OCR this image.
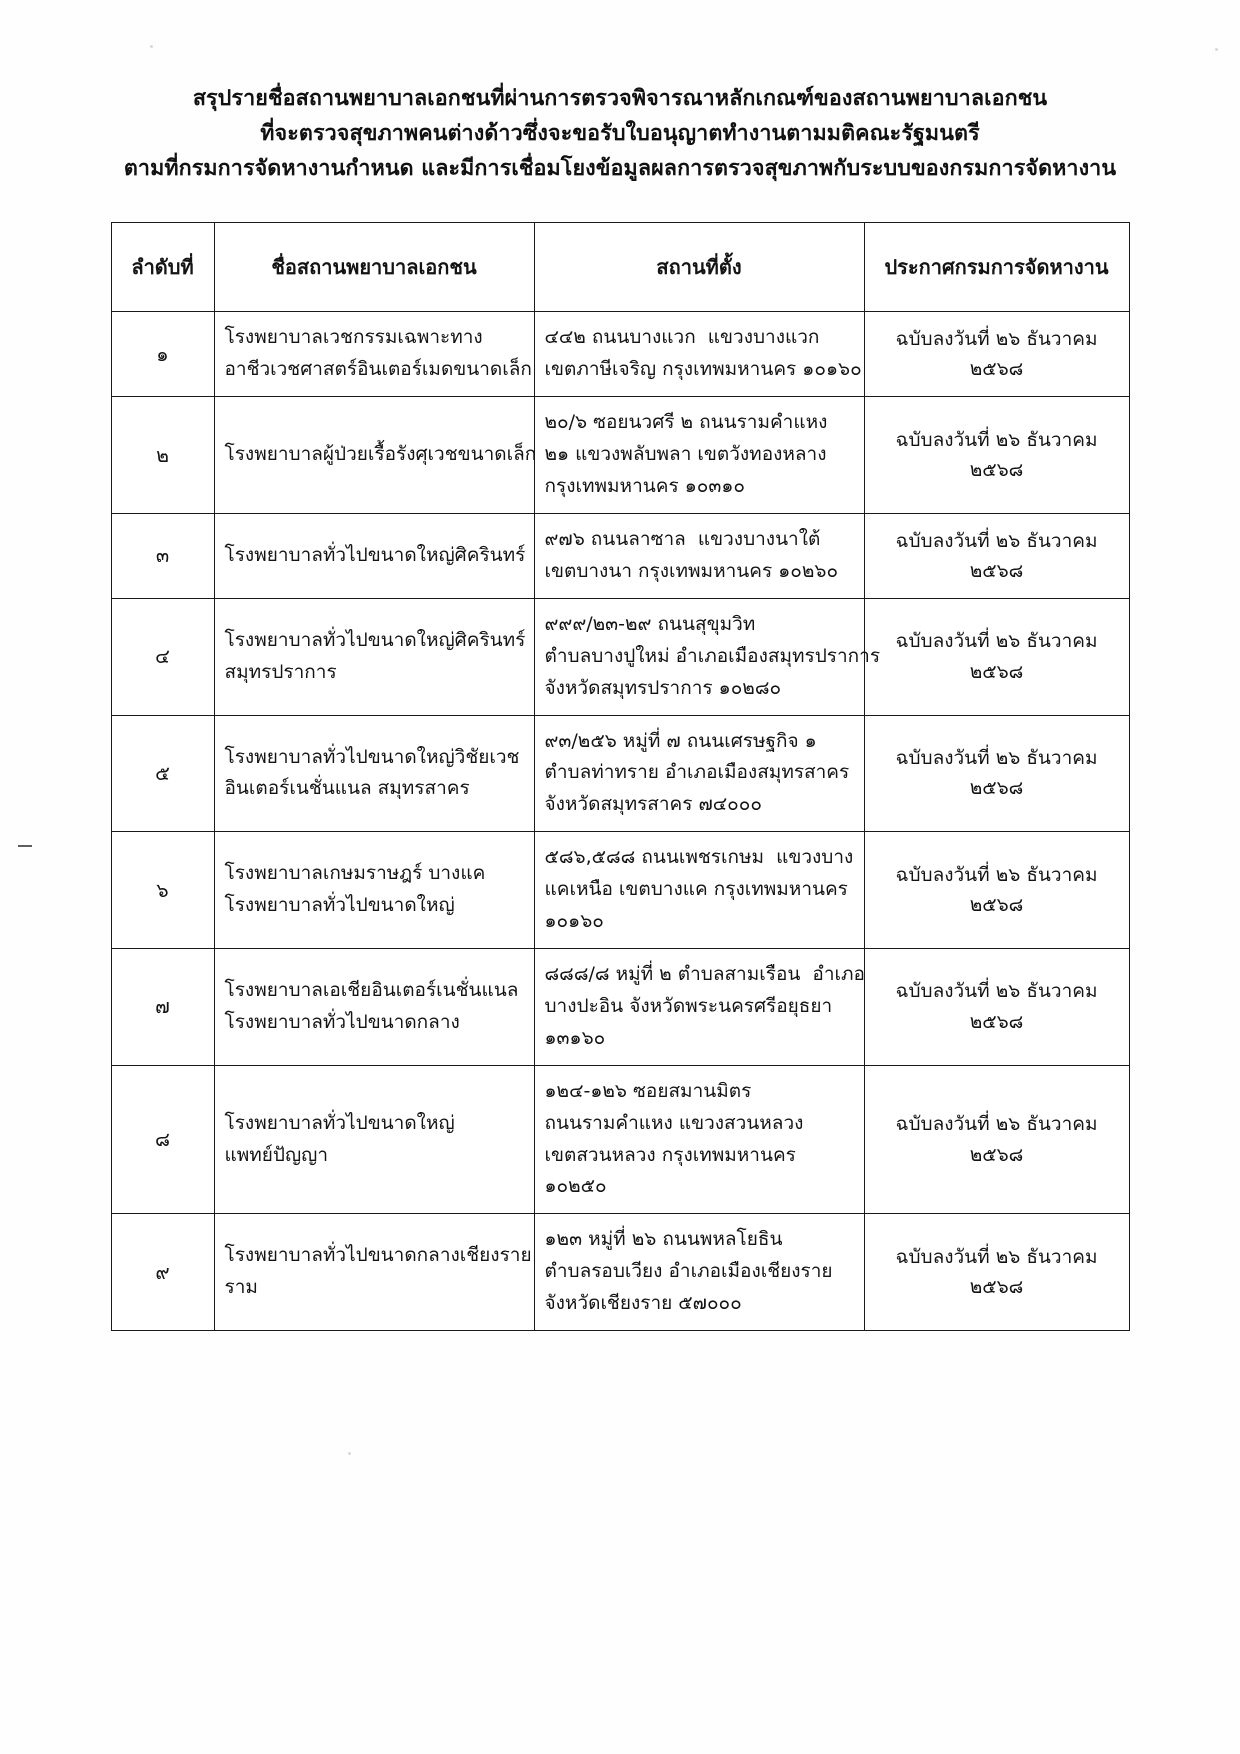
สรุปรายชื่อสถานพยาบาลเอกชนที่ผ่านการตรวจพิจารณาหลักเกณฑ์ของสถานพยาบาลเอกชน
ที่จะตรวจสุขภาพคนต่างด้าวซึ่งจะขอรับใบอนุญาตทำงานตามมติคณะรัฐมนตรี
ตามที่กรมการจัดหางานกำหนด และมีการเชื่อมโยงข้อมูลผลการตรวจสุขภาพกับระบบของกรมการจัดหางาน
ลำดับที่	ชื่อสถานพยาบาลเอกชน	สถานที่ตั้ง	ประกาศกรมการจัดหางาน
๑	โรงพยาบาลเวชกรรมเฉพาะทาง
อาชีวเวชศาสตร์อินเตอร์เมดขนาดเล็ก	๔๔๒ ถนนบางแวก  แขวงบางแวก
เขตภาษีเจริญ กรุงเทพมหานคร ๑๐๑๖๐	ฉบับลงวันที่ ๒๖ ธันวาคม ๒๕๖๘
๒	โรงพยาบาลผู้ป่วยเรื้อรังศุเวชขนาดเล็ก	๒๐/๖ ซอยนวศรี ๒ ถนนรามคำแหง
๒๑ แขวงพลับพลา เขตวังทองหลาง
กรุงเทพมหานคร ๑๐๓๑๐	ฉบับลงวันที่ ๒๖ ธันวาคม ๒๕๖๘
๓	โรงพยาบาลทั่วไปขนาดใหญ่ศิครินทร์	๙๗๖ ถนนลาซาล  แขวงบางนาใต้
เขตบางนา กรุงเทพมหานคร ๑๐๒๖๐	ฉบับลงวันที่ ๒๖ ธันวาคม ๒๕๖๘
๔	โรงพยาบาลทั่วไปขนาดใหญ่ศิครินทร์
สมุทรปราการ	๙๙๙/๒๓-๒๙ ถนนสุขุมวิท
ตำบลบางปูใหม่ อำเภอเมืองสมุทรปราการ
จังหวัดสมุทรปราการ ๑๐๒๘๐	ฉบับลงวันที่ ๒๖ ธันวาคม ๒๕๖๘
๕	โรงพยาบาลทั่วไปขนาดใหญ่วิชัยเวช
อินเตอร์เนชั่นแนล สมุทรสาคร	๙๓/๒๕๖ หมู่ที่ ๗ ถนนเศรษฐกิจ ๑
ตำบลท่าทราย อำเภอเมืองสมุทรสาคร
จังหวัดสมุทรสาคร ๗๔๐๐๐	ฉบับลงวันที่ ๒๖ ธันวาคม ๒๕๖๘
๖	โรงพยาบาลเกษมราษฎร์ บางแค
โรงพยาบาลทั่วไปขนาดใหญ่	๕๘๖,๕๘๘ ถนนเพชรเกษม  แขวงบาง
แคเหนือ เขตบางแค กรุงเทพมหานคร
๑๐๑๖๐	ฉบับลงวันที่ ๒๖ ธันวาคม ๒๕๖๘
๗	โรงพยาบาลเอเชียอินเตอร์เนชั่นแนล
โรงพยาบาลทั่วไปขนาดกลาง	๘๘๘/๘ หมู่ที่ ๒ ตำบลสามเรือน  อำเภอ
บางปะอิน จังหวัดพระนครศรีอยุธยา
๑๓๑๖๐	ฉบับลงวันที่ ๒๖ ธันวาคม ๒๕๖๘
๘	โรงพยาบาลทั่วไปขนาดใหญ่
แพทย์ปัญญา	๑๒๔-๑๒๖ ซอยสมานมิตร
ถนนรามคำแหง แขวงสวนหลวง
เขตสวนหลวง กรุงเทพมหานคร
๑๐๒๕๐	ฉบับลงวันที่ ๒๖ ธันวาคม ๒๕๖๘
๙	โรงพยาบาลทั่วไปขนาดกลางเชียงราย
ราม	๑๒๓ หมู่ที่ ๒๖ ถนนพหลโยธิน
ตำบลรอบเวียง อำเภอเมืองเชียงราย
จังหวัดเชียงราย ๕๗๐๐๐	ฉบับลงวันที่ ๒๖ ธันวาคม ๒๕๖๘
